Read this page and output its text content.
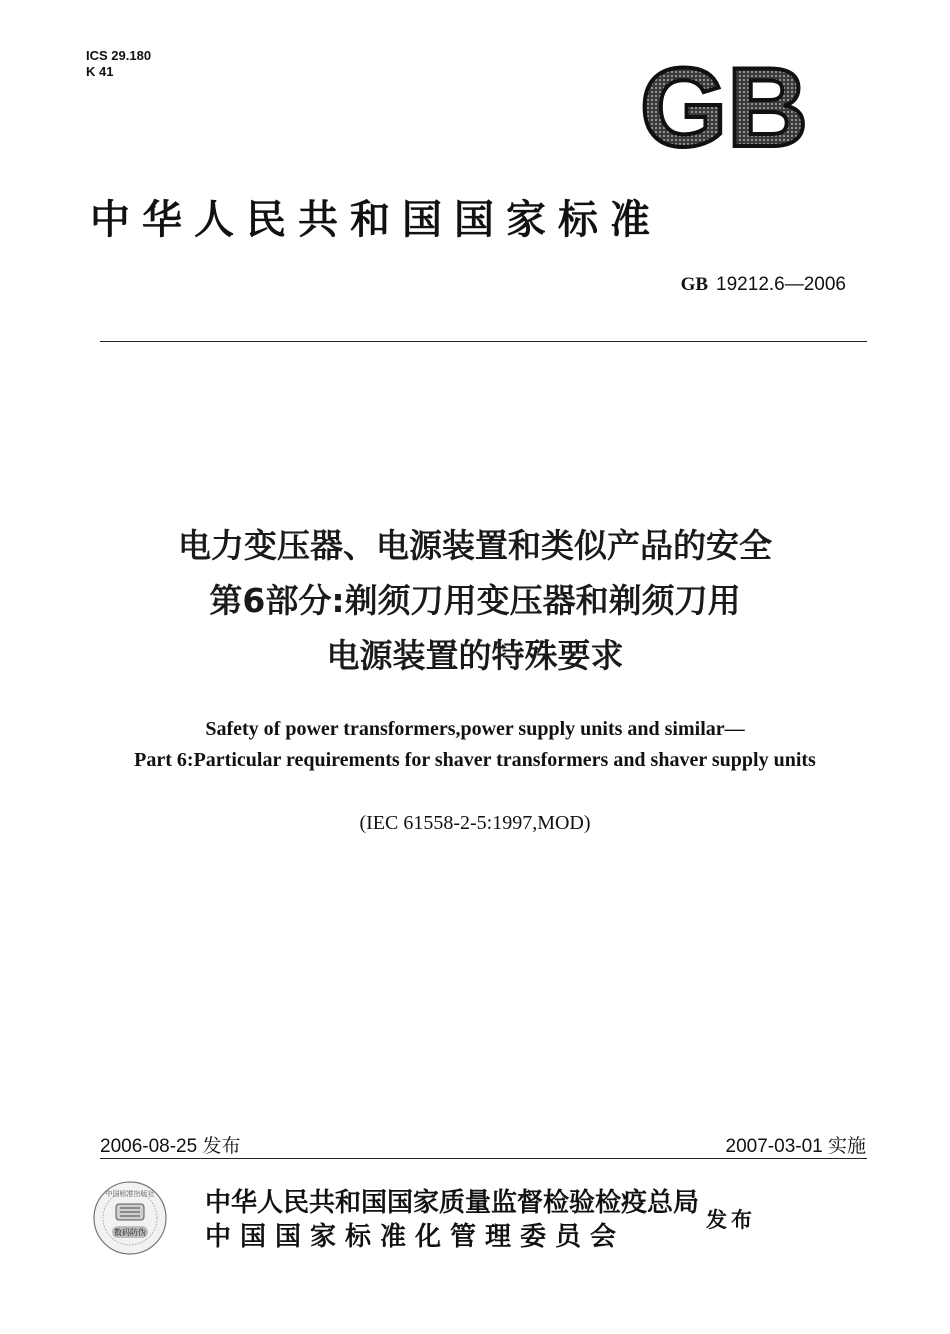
ICS 29.180
K 41	GB
中华人民共和国国家标准
GB 19212.6—2006
电力变压器、电源装置和类似产品的安全
第6部分:剃须刀用变压器和剃须刀用
电源装置的特殊要求
Safety of power transformers,power supply units and similar—
Part 6:Particular requirements for shaver transformers and shaver supply units
(IEC 61558-2-5:1997,MOD)
2006-08-25 发布	2007-03-01 实施
中国标准出版社
数码防伪
中华人民共和国国家质量监督检验检疫总局
中国国家标准化管理委员会
发布
